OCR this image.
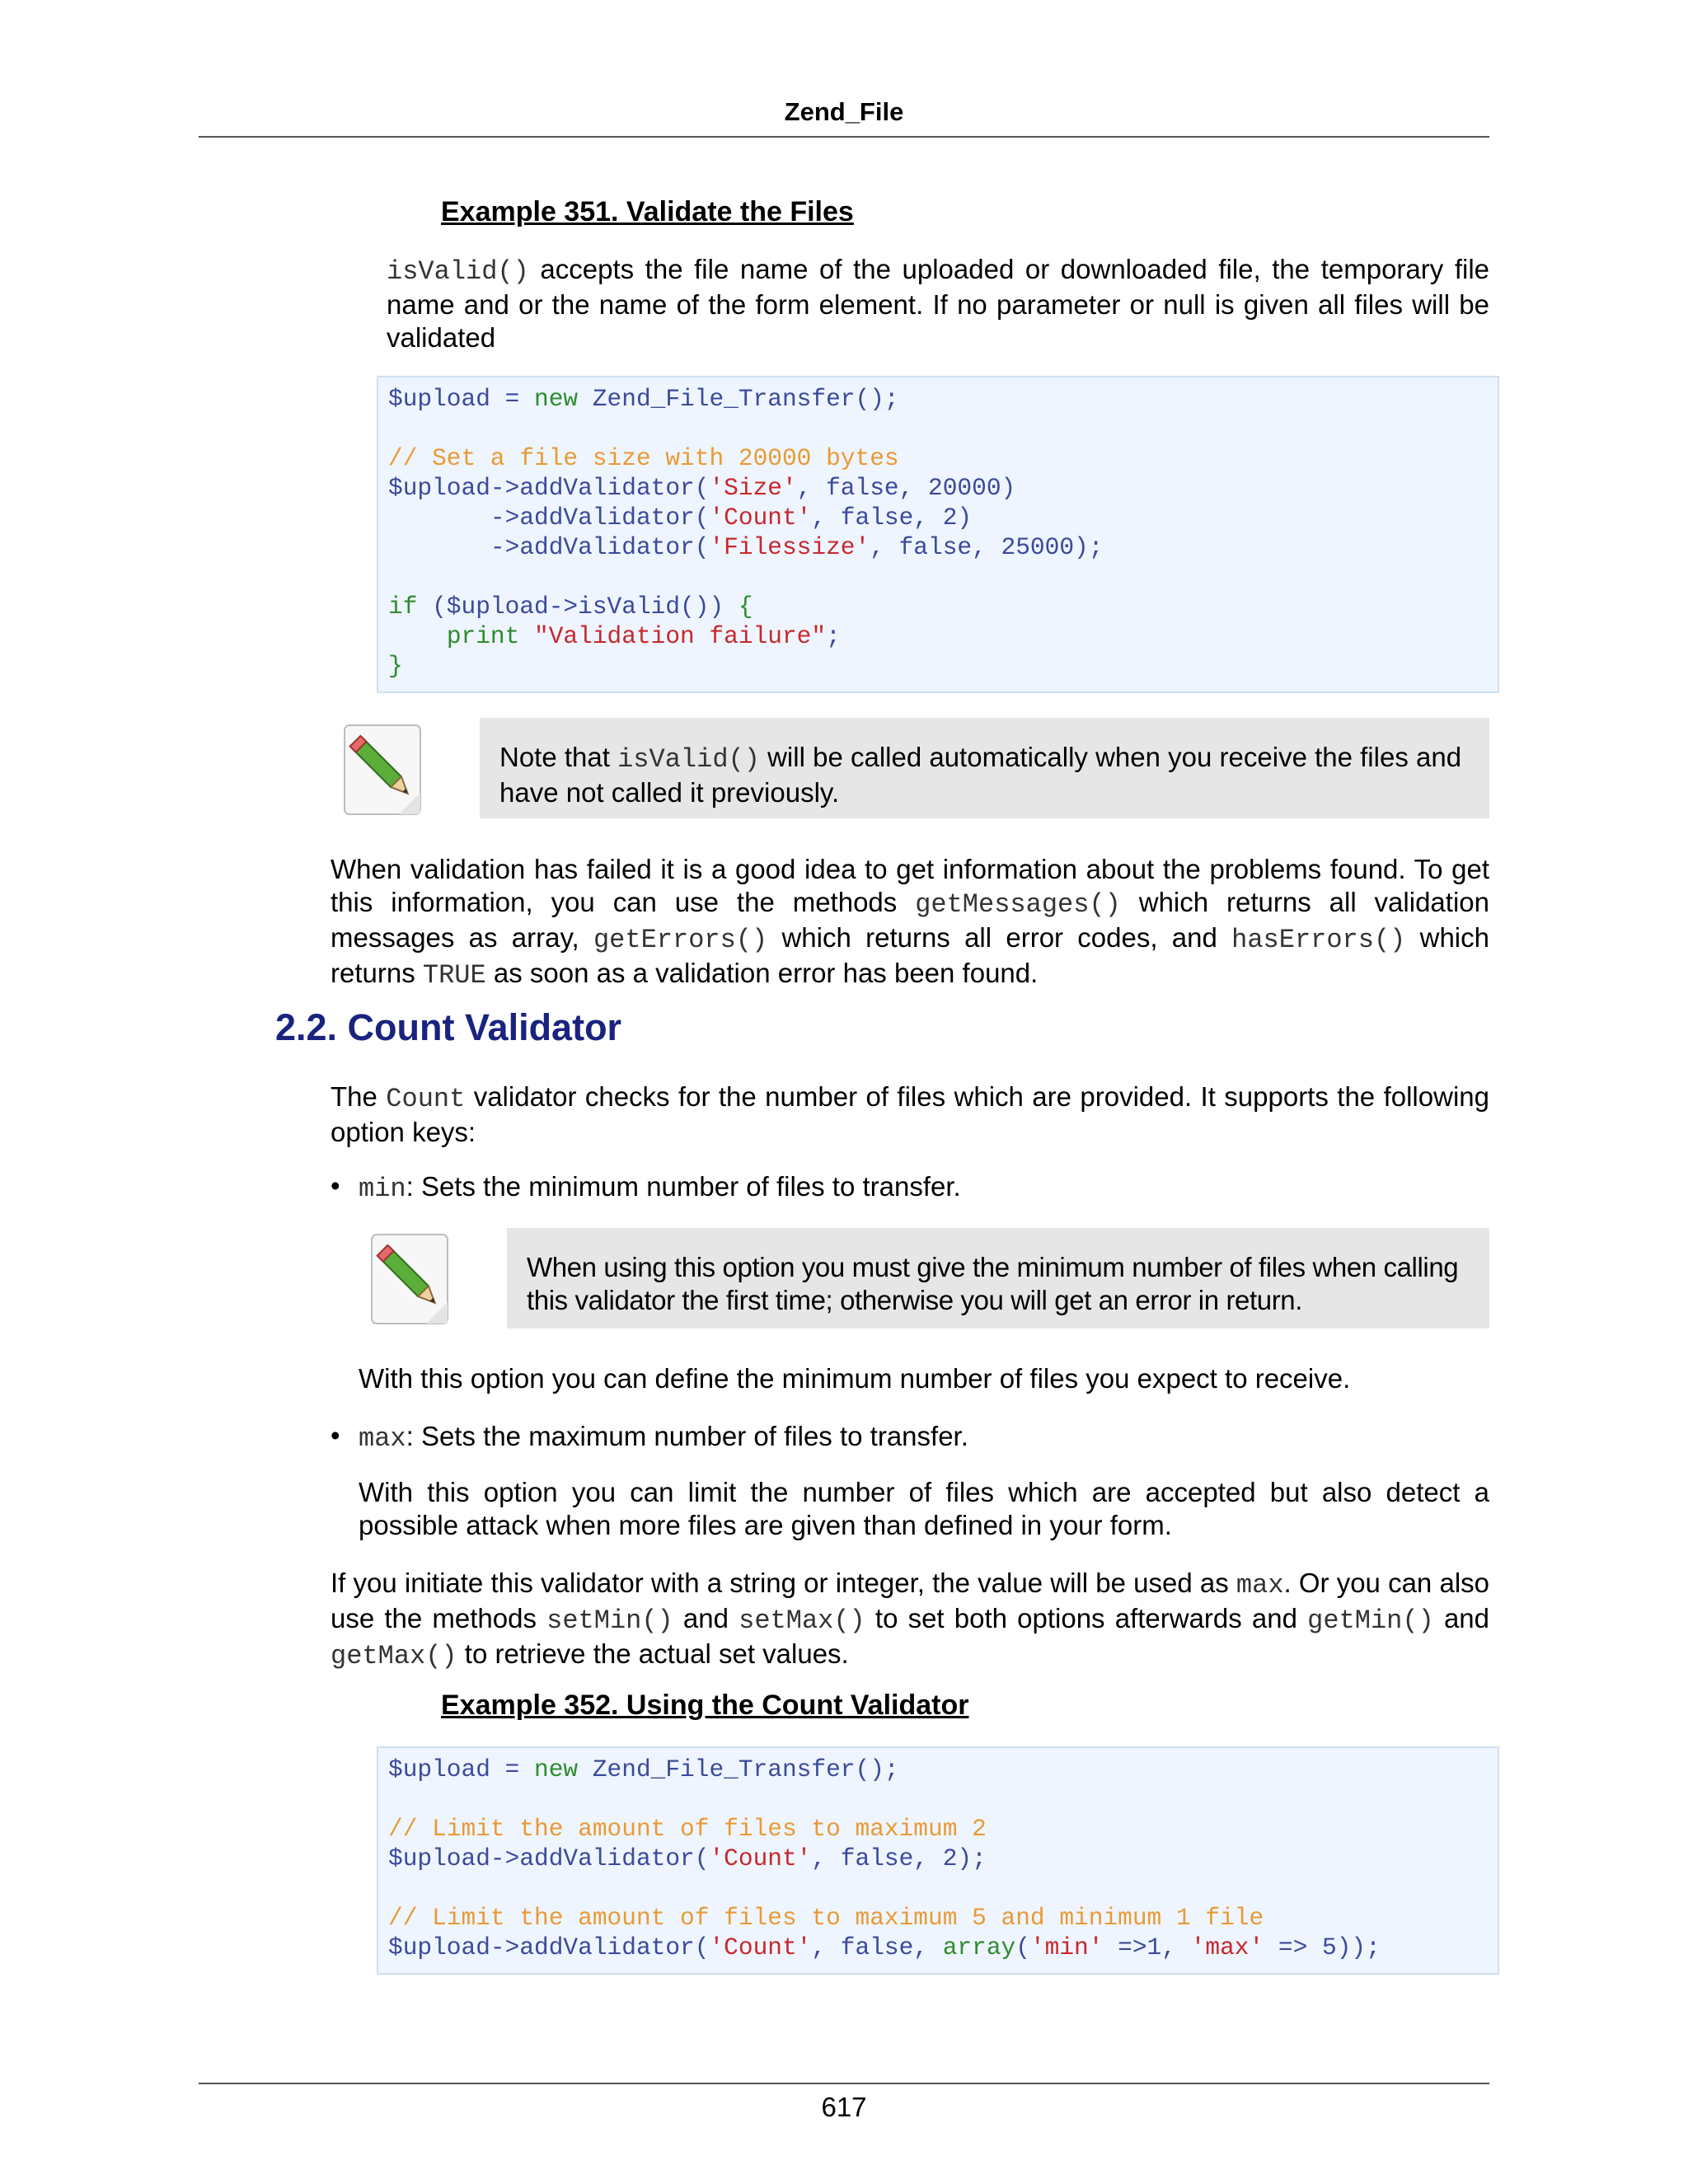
Zend_File
Example 351. Validate the Files
isValid() accepts the file name of the uploaded or downloaded file, the temporary file name and or the name of the form element. If no parameter or null is given all files will be validated
$upload = new Zend_File_Transfer();

// Set a file size with 20000 bytes
$upload->addValidator('Size', false, 20000)
->addValidator('Count', false, 2)
->addValidator('Filessize', false, 25000);

if ($upload->isValid()) {
print "Validation failure";
}
Note that isValid() will be called automatically when you receive the files and have not called it previously.
When validation has failed it is a good idea to get information about the problems found. To get this information, you can use the methods getMessages() which returns all validation messages as array, getErrors() which returns all error codes, and hasErrors() which returns TRUE as soon as a validation error has been found.
2.2. Count Validator
The Count validator checks for the number of files which are provided. It supports the following option keys:
• min: Sets the minimum number of files to transfer.
When using this option you must give the minimum number of files when calling this validator the first time; otherwise you will get an error in return.
With this option you can define the minimum number of files you expect to receive.
• max: Sets the maximum number of files to transfer.
With this option you can limit the number of files which are accepted but also detect a possible attack when more files are given than defined in your form.
If you initiate this validator with a string or integer, the value will be used as max. Or you can also use the methods setMin() and setMax() to set both options afterwards and getMin() and getMax() to retrieve the actual set values.
Example 352. Using the Count Validator
$upload = new Zend_File_Transfer();

// Limit the amount of files to maximum 2
$upload->addValidator('Count', false, 2);

// Limit the amount of files to maximum 5 and minimum 1 file
$upload->addValidator('Count', false, array('min' =>1, 'max' => 5));
617
